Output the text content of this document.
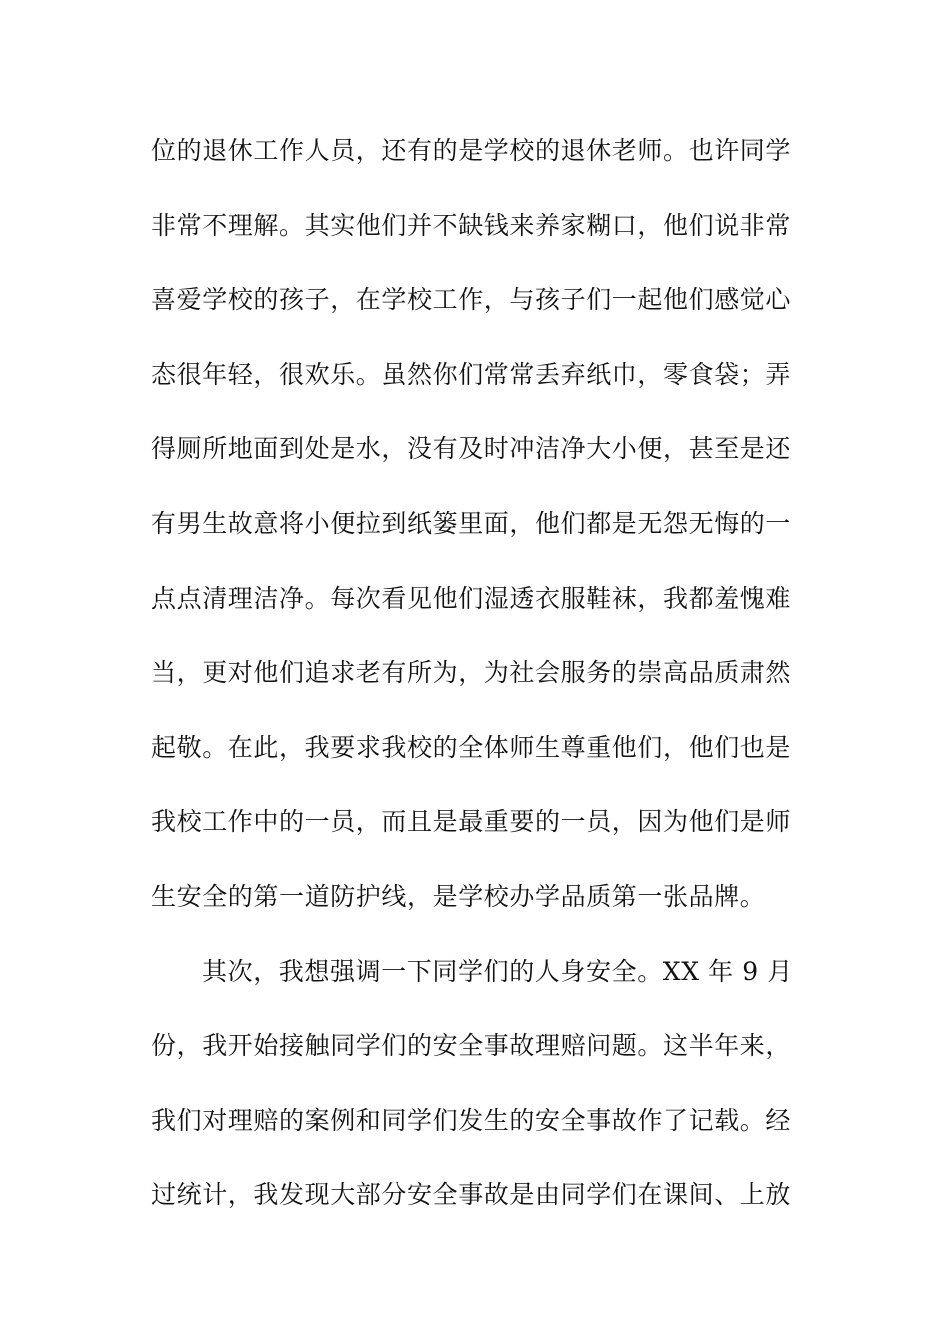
位的退休工作人员，还有的是学校的退休老师。也许同学
非常不理解。其实他们并不缺钱来养家糊口，他们说非常
喜爱学校的孩子，在学校工作，与孩子们一起他们感觉心
态很年轻，很欢乐。虽然你们常常丢弃纸巾，零食袋；弄
得厕所地面到处是水，没有及时冲洁净大小便，甚至是还
有男生故意将小便拉到纸篓里面，他们都是无怨无悔的一
点点清理洁净。每次看见他们湿透衣服鞋袜，我都羞愧难
当，更对他们追求老有所为，为社会服务的崇高品质肃然
起敬。在此，我要求我校的全体师生尊重他们，他们也是
我校工作中的一员，而且是最重要的一员，因为他们是师
生安全的第一道防护线，是学校办学品质第一张品牌。
其次，我想强调一下同学们的人身安全。XX 年 9 月
份，我开始接触同学们的安全事故理赔问题。这半年来，
我们对理赔的案例和同学们发生的安全事故作了记载。经
过统计，我发现大部分安全事故是由同学们在课间、上放
